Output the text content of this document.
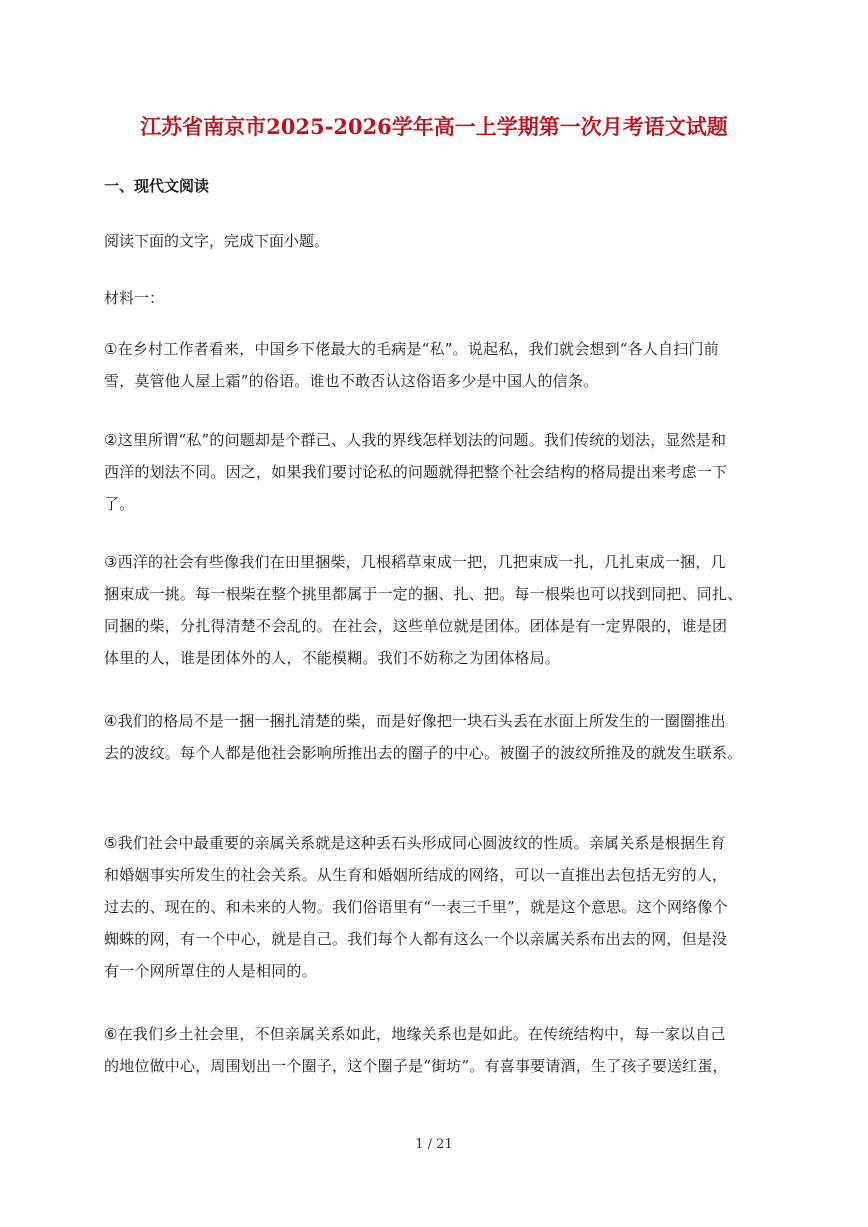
江苏省南京市2025-2026学年高一上学期第一次月考语文试题
一、现代文阅读
阅读下面的文字，完成下面小题。
材料一：

①在乡村工作者看来，中国乡下佬最大的毛病是“私”。说起私，我们就会想到“各人自扫门前

雪，莫管他人屋上霜”的俗语。谁也不敢否认这俗语多少是中国人的信条。

②这里所谓“私”的问题却是个群己、人我的界线怎样划法的问题。我们传统的划法，显然是和

西洋的划法不同。因之，如果我们要讨论私的问题就得把整个社会结构的格局提出来考虑一下

了。

③西洋的社会有些像我们在田里捆柴，几根稻草束成一把，几把束成一扎，几扎束成一捆，几

捆束成一挑。每一根柴在整个挑里都属于一定的捆、扎、把。每一根柴也可以找到同把、同扎、

同捆的柴，分扎得清楚不会乱的。在社会，这些单位就是团体。团体是有一定界限的，谁是团

体里的人，谁是团体外的人，不能模糊。我们不妨称之为团体格局。

④我们的格局不是一捆一捆扎清楚的柴，而是好像把一块石头丢在水面上所发生的一圈圈推出

去的波纹。每个人都是他社会影响所推出去的圈子的中心。被圈子的波纹所推及的就发生联系。

⑤我们社会中最重要的亲属关系就是这种丢石头形成同心圆波纹的性质。亲属关系是根据生育

和婚姻事实所发生的社会关系。从生育和婚姻所结成的网络，可以一直推出去包括无穷的人，

过去的、现在的、和未来的人物。我们俗语里有“一表三千里”，就是这个意思。这个网络像个

蜘蛛的网，有一个中心，就是自己。我们每个人都有这么一个以亲属关系布出去的网，但是没

有一个网所罩住的人是相同的。

⑥在我们乡土社会里，不但亲属关系如此，地缘关系也是如此。在传统结构中，每一家以自己

的地位做中心，周围划出一个圈子，这个圈子是“街坊”。有喜事要请酒，生了孩子要送红蛋，

1 / 21
